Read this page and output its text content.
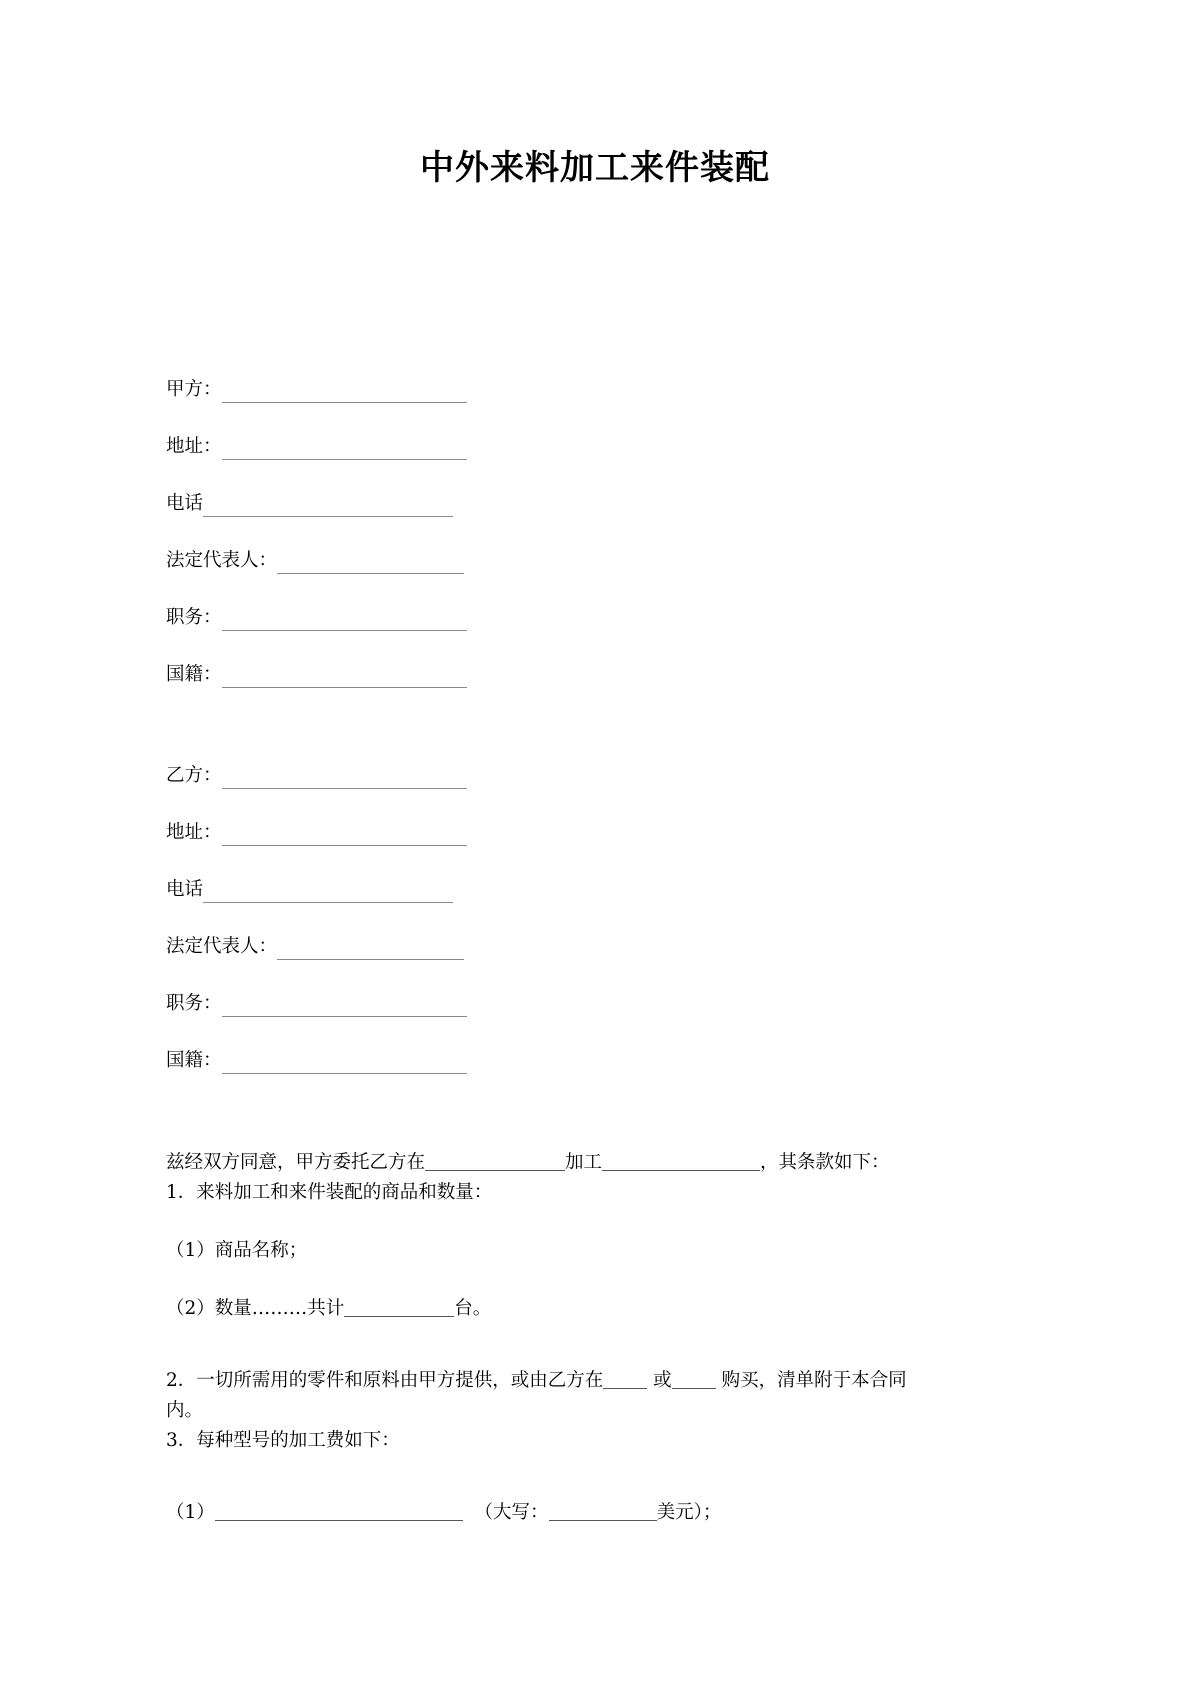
中外来料加工来件装配
甲方：
地址：
电话
法定代表人：
职务：
国籍：
乙方：
地址：
电话
法定代表人：
职务：
国籍：

兹经双方同意，甲方委托乙方在	加工	，其条款如下：

1．来料加工和来件装配的商品和数量：

（1）商品名称；

（2）数量………共计	台。

2．一切所需用的零件和原料由甲方提供，或由乙方在	或	购买，清单附于本合同
内。

3．每种型号的加工费如下：

（1）	（大写：	美元）；
